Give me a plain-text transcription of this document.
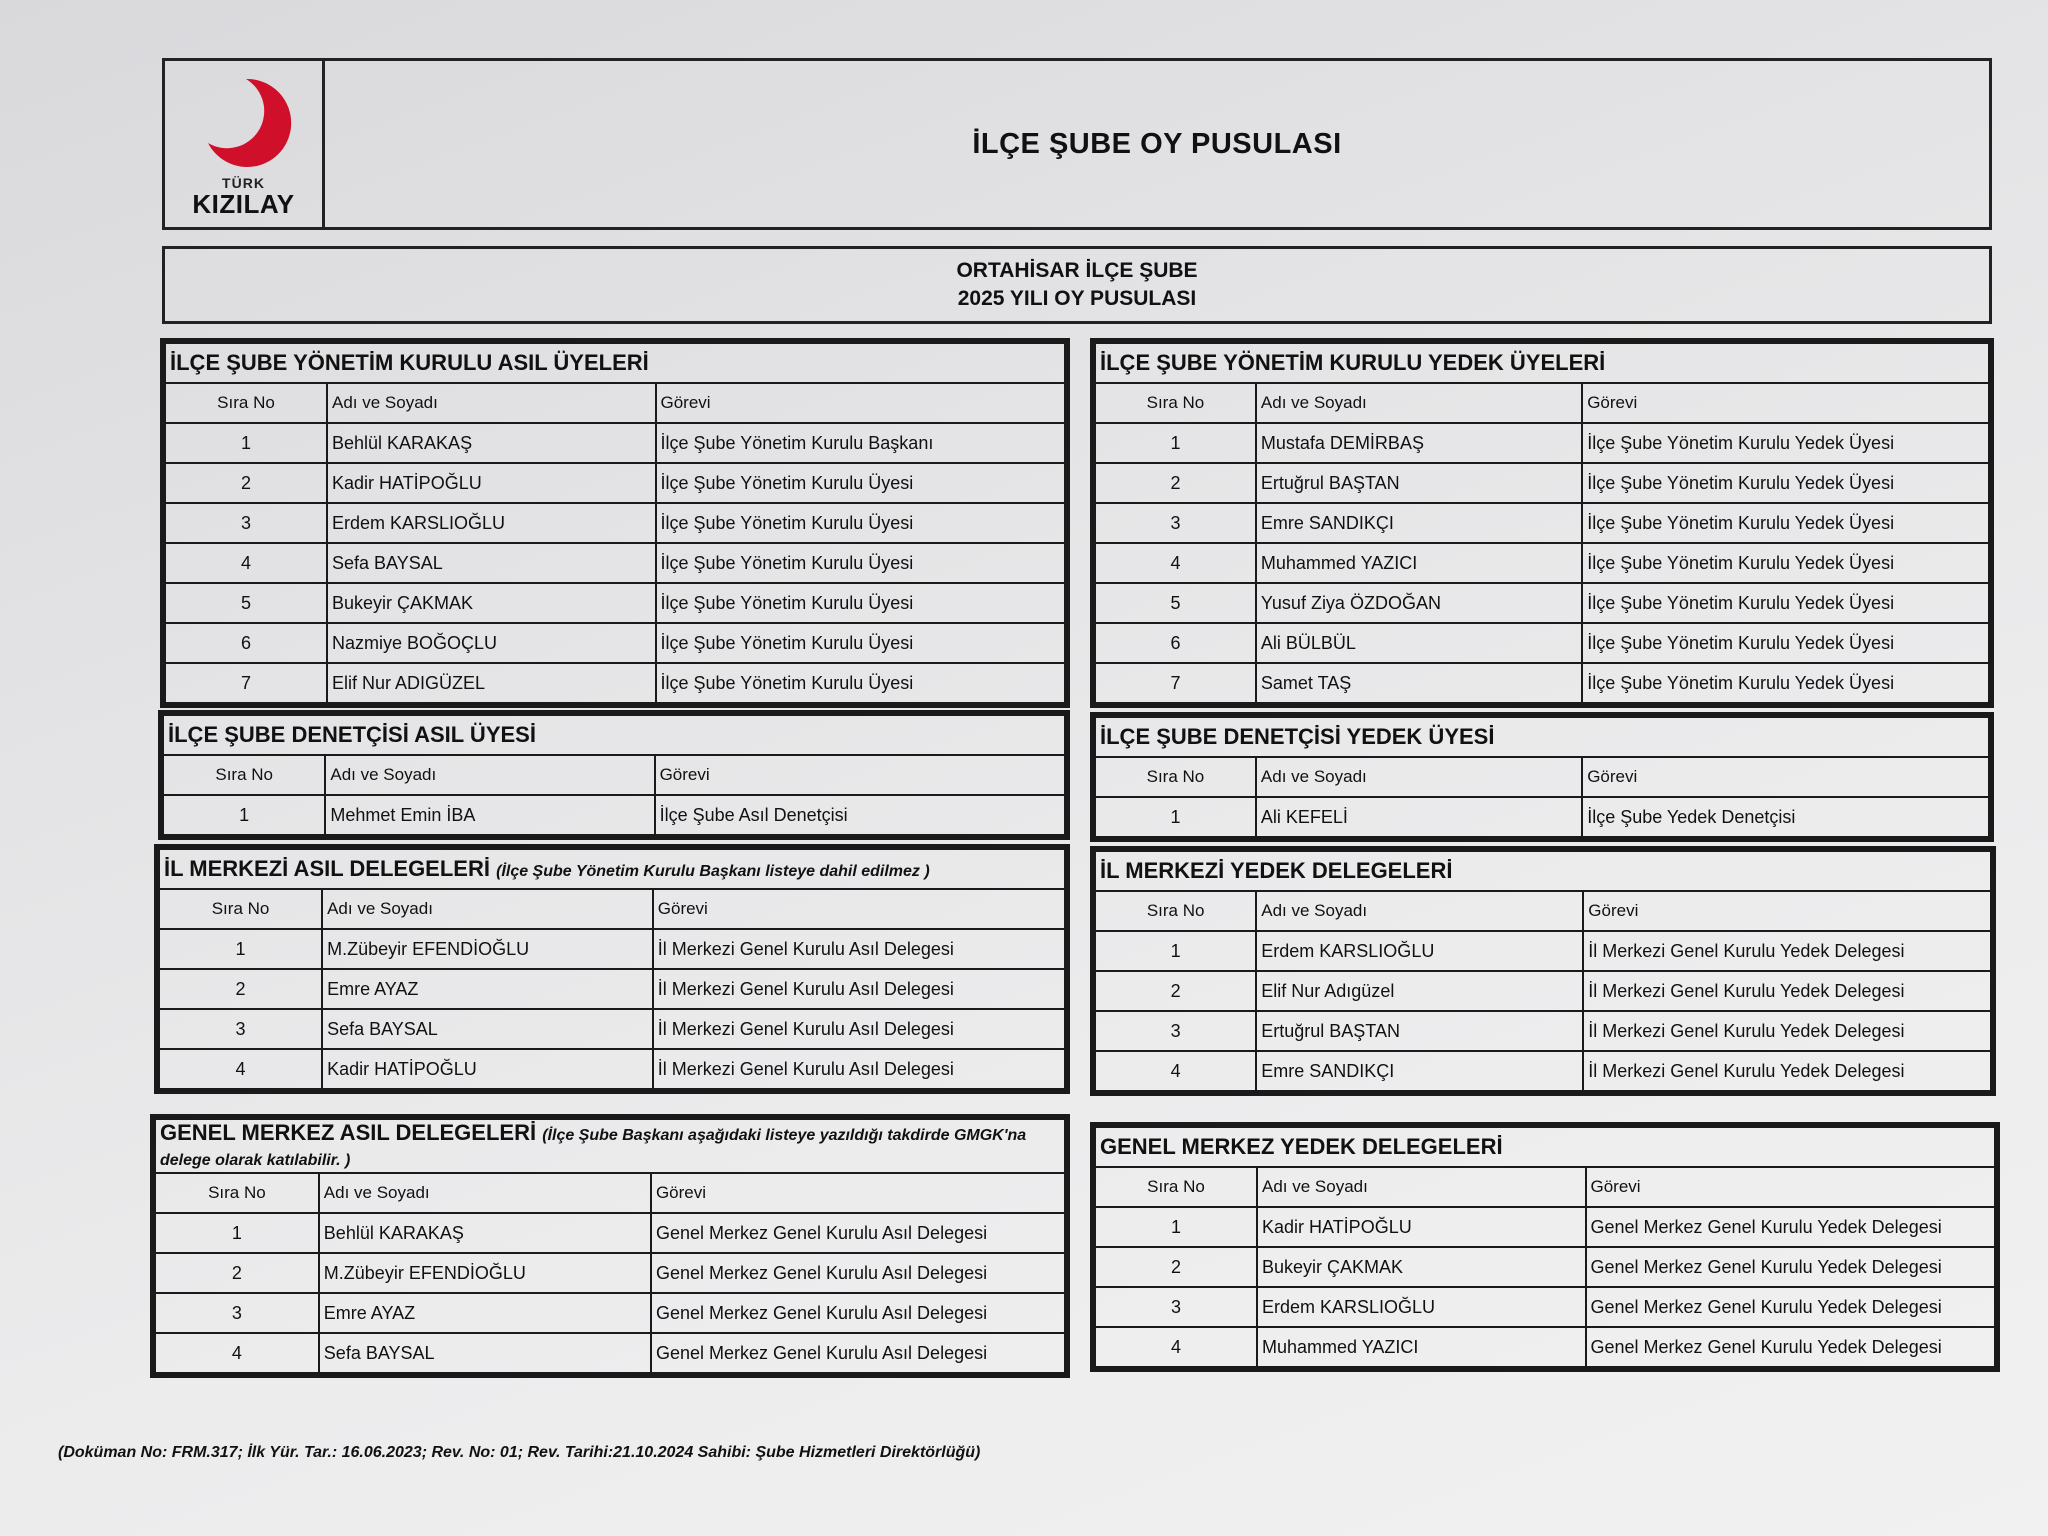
TÜRK
KIZILAY
İLÇE ŞUBE OY PUSULASI
ORTAHİSAR İLÇE ŞUBE
2025 YILI OY PUSULASI
İLÇE ŞUBE YÖNETİM KURULU ASIL ÜYELERİ		
Sıra No	Adı ve Soyadı	Görevi
1	Behlül KARAKAŞ	İlçe Şube Yönetim Kurulu Başkanı
2	Kadir HATİPOĞLU	İlçe Şube Yönetim Kurulu Üyesi
3	Erdem KARSLIOĞLU	İlçe Şube Yönetim Kurulu Üyesi
4	Sefa BAYSAL	İlçe Şube Yönetim Kurulu Üyesi
5	Bukeyir ÇAKMAK	İlçe Şube Yönetim Kurulu Üyesi
6	Nazmiye BOĞOÇLU	İlçe Şube Yönetim Kurulu Üyesi
7	Elif Nur ADIGÜZEL	İlçe Şube Yönetim Kurulu Üyesi
İLÇE ŞUBE YÖNETİM KURULU YEDEK ÜYELERİ		
Sıra No	Adı ve Soyadı	Görevi
1	Mustafa DEMİRBAŞ	İlçe Şube Yönetim Kurulu Yedek Üyesi
2	Ertuğrul BAŞTAN	İlçe Şube Yönetim Kurulu Yedek Üyesi
3	Emre SANDIKÇI	İlçe Şube Yönetim Kurulu Yedek Üyesi
4	Muhammed YAZICI	İlçe Şube Yönetim Kurulu Yedek Üyesi
5	Yusuf Ziya ÖZDOĞAN	İlçe Şube Yönetim Kurulu Yedek Üyesi
6	Ali BÜLBÜL	İlçe Şube Yönetim Kurulu Yedek Üyesi
7	Samet TAŞ	İlçe Şube Yönetim Kurulu Yedek Üyesi
İLÇE ŞUBE DENETÇİSİ ASIL ÜYESİ		
Sıra No	Adı ve Soyadı	Görevi
1	Mehmet Emin İBA	İlçe Şube Asıl Denetçisi
İLÇE ŞUBE DENETÇİSİ YEDEK ÜYESİ		
Sıra No	Adı ve Soyadı	Görevi
1	Ali KEFELİ	İlçe Şube Yedek Denetçisi
İL MERKEZİ ASIL DELEGELERİ (İlçe Şube Yönetim Kurulu Başkanı listeye dahil edilmez )		
Sıra No	Adı ve Soyadı	Görevi
1	M.Zübeyir EFENDİOĞLU	İl Merkezi Genel Kurulu Asıl Delegesi
2	Emre AYAZ	İl Merkezi Genel Kurulu Asıl Delegesi
3	Sefa BAYSAL	İl Merkezi Genel Kurulu Asıl Delegesi
4	Kadir HATİPOĞLU	İl Merkezi Genel Kurulu Asıl Delegesi
İL MERKEZİ YEDEK DELEGELERİ		
Sıra No	Adı ve Soyadı	Görevi
1	Erdem KARSLIOĞLU	İl Merkezi Genel Kurulu Yedek Delegesi
2	Elif Nur Adıgüzel	İl Merkezi Genel Kurulu Yedek Delegesi
3	Ertuğrul BAŞTAN	İl Merkezi Genel Kurulu Yedek Delegesi
4	Emre SANDIKÇI	İl Merkezi Genel Kurulu Yedek Delegesi
GENEL MERKEZ ASIL DELEGELERİ (İlçe Şube Başkanı aşağıdaki listeye yazıldığı takdirde GMGK'na delege olarak katılabilir. )		
Sıra No	Adı ve Soyadı	Görevi
1	Behlül KARAKAŞ	Genel Merkez Genel Kurulu Asıl Delegesi
2	M.Zübeyir EFENDİOĞLU	Genel Merkez Genel Kurulu Asıl Delegesi
3	Emre AYAZ	Genel Merkez Genel Kurulu Asıl Delegesi
4	Sefa BAYSAL	Genel Merkez Genel Kurulu Asıl Delegesi
GENEL MERKEZ YEDEK DELEGELERİ		
Sıra No	Adı ve Soyadı	Görevi
1	Kadir HATİPOĞLU	Genel Merkez Genel Kurulu Yedek Delegesi
2	Bukeyir ÇAKMAK	Genel Merkez Genel Kurulu Yedek Delegesi
3	Erdem KARSLIOĞLU	Genel Merkez Genel Kurulu Yedek Delegesi
4	Muhammed YAZICI	Genel Merkez Genel Kurulu Yedek Delegesi
(Doküman No: FRM.317; İlk Yür. Tar.: 16.06.2023; Rev. No: 01; Rev. Tarihi:21.10.2024 Sahibi: Şube Hizmetleri Direktörlüğü)
